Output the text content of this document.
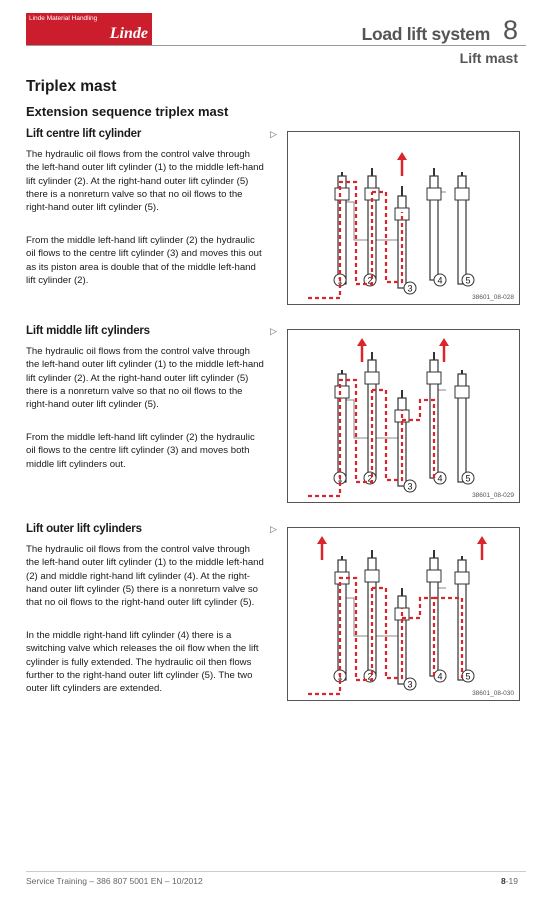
Linde Material Handling
Linde	Load lift system 8
Lift mast
Triplex mast
Extension sequence triplex mast
Lift centre lift cylinder	▷
The hydraulic oil flows from the control valve through the left-hand outer lift cylinder (1) to the middle left-hand lift cylinder (2). At the right-hand outer lift cylinder (5) there is a nonreturn valve so that no oil flows to the right-hand outer lift cylinder (5).
From the middle left-hand lift cylinder (2) the hydraulic oil flows to the centre lift cylinder (3) and moves this out as its piston area is double that of the middle left-hand lift cylinder (2).	1	2
3
4	5
38601_08-028
Lift middle lift cylinders	▷
The hydraulic oil flows from the control valve through the left-hand outer lift cylinder (1) to the middle left-hand lift cylinder (2). At the right-hand outer lift cylinder (5) there is a nonreturn valve so that no oil flows to the right-hand outer lift cylinder (5).
From the middle left-hand lift cylinder (2) the hydraulic oil flows to the centre lift cylinder (3) and moves both middle lift cylinders out.
1	2
3
4	5
38601_08-029
Lift outer lift cylinders	▷
The hydraulic oil flows from the control valve through the left-hand outer lift cylinder (1) to the middle left-hand (2) and middle right-hand lift cylinder (4). At the right-hand outer lift cylinder (5) there is a nonreturn valve so that no oil flows to the right-hand outer lift cylinder (5).
In the middle right-hand lift cylinder (4) there is a switching valve which releases the oil flow when the lift cylinder is fully extended. The hydraulic oil then flows further to the right-hand outer lift cylinder (5). The two outer lift cylinders are extended.
1	2
3
4	5
38601_08-030
Service Training – 386 807 5001 EN – 10/2012	8-19
